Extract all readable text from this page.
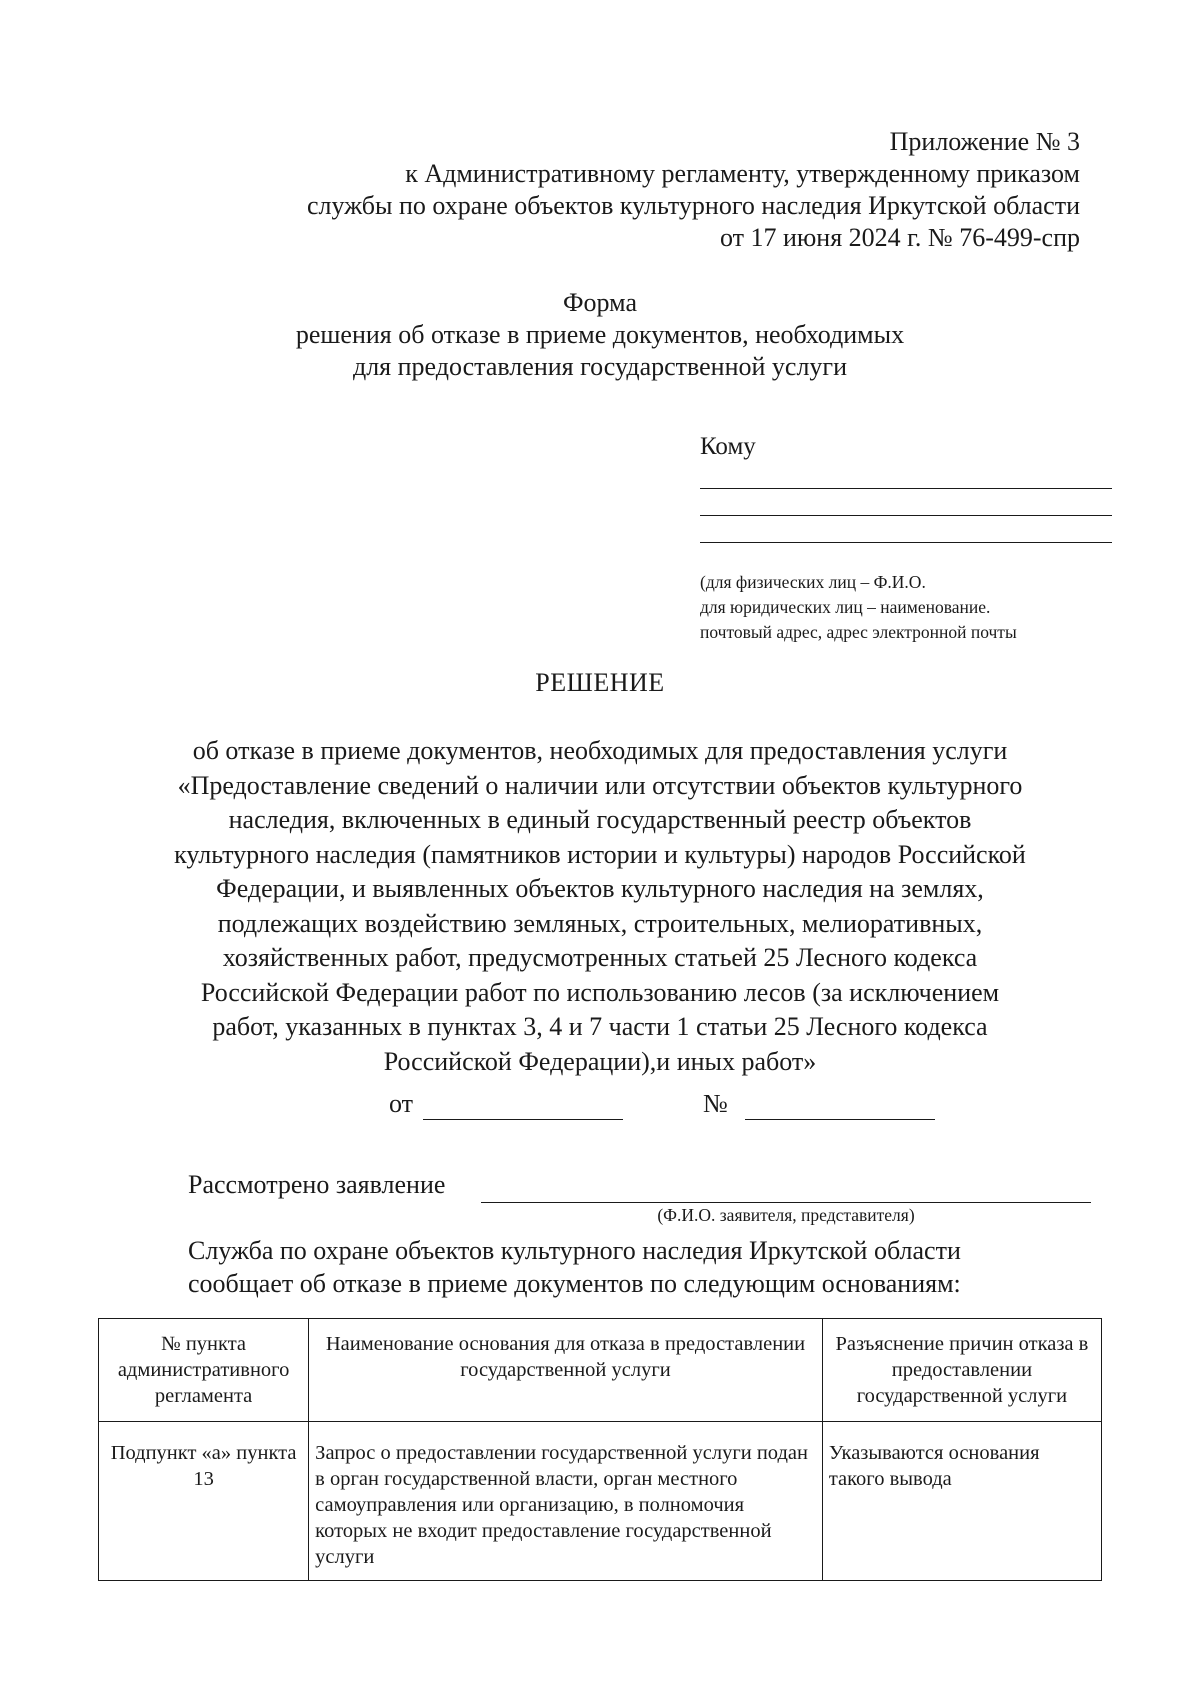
Приложение № 3
к Административному регламенту, утвержденному приказом
службы по охране объектов культурного наследия Иркутской области
от 17 июня 2024 г. № 76-499-спр
Форма
решения об отказе в приеме документов, необходимых
для предоставления государственной услуги
Кому
(для физических лиц – Ф.И.О.
для юридических лиц – наименование.
почтовый адрес, адрес электронной почты
РЕШЕНИЕ
об отказе в приеме документов, необходимых для предоставления услуги
«Предоставление сведений о наличии или отсутствии объектов культурного
наследия, включенных в единый государственный реестр объектов
культурного наследия (памятников истории и культуры) народов Российской
Федерации, и выявленных объектов культурного наследия на землях,
подлежащих воздействию земляных, строительных, мелиоративных,
хозяйственных работ, предусмотренных статьей 25 Лесного кодекса
Российской Федерации работ по использованию лесов (за исключением
работ, указанных в пунктах 3, 4 и 7 части 1 статьи 25 Лесного кодекса
Российской Федерации),и иных работ»
от	№
Рассмотрено заявление
(Ф.И.О. заявителя, представителя)
Служба по охране объектов культурного наследия Иркутской области
сообщает об отказе в приеме документов по следующим основаниям:
№ пункта административного регламента	Наименование основания для отказа в предоставлении государственной услуги	Разъяснение причин отказа в предоставлении государственной услуги
Подпункт «а» пункта 13	Запрос о предоставлении государственной услуги подан в орган государственной власти, орган местного самоуправления или организацию, в полномочия которых не входит предоставление государственной услуги	Указываются основания такого вывода
